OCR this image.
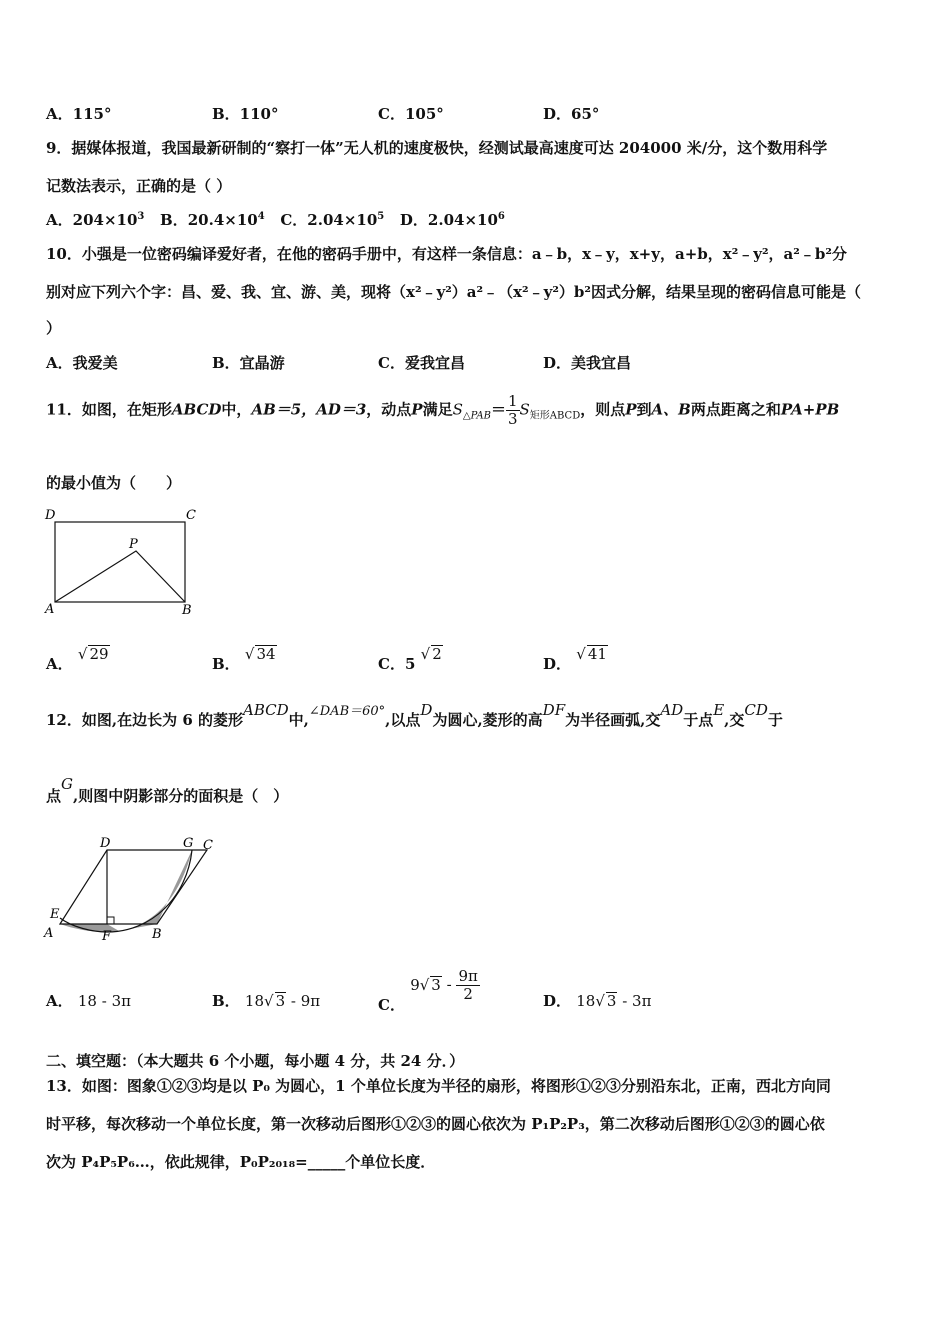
A．115°	B．110°	C．105°	D．65°
9．据媒体报道，我国最新研制的“察打一体”无人机的速度极快，经测试最高速度可达 204000 米/分，这个数用科学
记数法表示，正确的是（ ）
A．$204\times 10^3$ B．$20.4\times 10^4$ C．$2.04\times 10^5$ D．$2.04\times 10^6$
10．小强是一位密码编译爱好者，在他的密码手册中，有这样一条信息：a﹣b，x﹣y，x+y，a+b，x²﹣y²，a²﹣b²分
别对应下列六个字：昌、爱、我、宜、游、美，现将（x²﹣y²）a²﹣（x²﹣y²）b²因式分解，结果呈现的密码信息可能是（
）
A．我爱美	B．宜晶游	C．爱我宜昌	D．美我宜昌
11．如图，在矩形ABCD中，AB＝5，AD＝3，动点P满足$S_{\triangle PAB}= \frac{1}{3} S_{矩形ABCD}$，则点P到A、B两点距离之和PA+PB
的最小值为（　　）
D	C
P
A	B
A． √ 29
B． √ 34
C．5 √ 2
D． √ 41
12．如图,在边长为 6 的菱形ABCD中,∠DAB＝60°,以点D为圆心,菱形的高DF为半径画弧,交AD于点E,交CD于
点G,则图中阴影部分的面积是（　）
D	G C
E
A	F	B
A． 18 - 3π	B． 18√ 3 - 9π	C． 9√ $3 - \frac{9\pi}{2}$	D． 18√ 3 - 3π
二、填空题：（本大题共 6 个小题，每小题 4 分，共 24 分．）
13．如图：图象①②③均是以 P₀ 为圆心，1 个单位长度为半径的扇形，将图形①②③分别沿东北，正南，西北方向同
时平移，每次移动一个单位长度，第一次移动后图形①②③的圆心依次为 P₁P₂P₃，第二次移动后图形①②③的圆心依
次为 P₄P₅P₆…，依此规律，P₀P₂₀₁₈=_____个单位长度．
